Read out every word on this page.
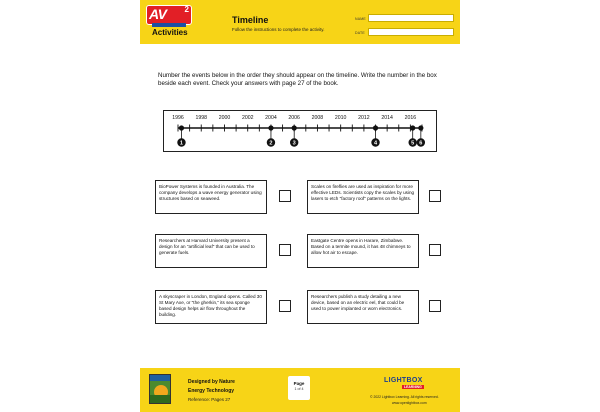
AV 2
Activities
Timeline
Follow the instructions to complete the activity.
NAME
DATE
Number the events below in the order they should appear on the timeline. Write the number in the box beside each event. Check your answers with page 27 of the book.
1996 1998 2000 2002 2004 2006 2008 2010 2012 2014 2016
1	2	3	4	5 6
BioPower Systems is founded in Australia. The company develops a wave energy generator using structures based on seaweed.
Scales on fireflies are used as inspiration for more effective LEDs. Scientists copy the scales by using lasers to etch "factory roof" patterns on the lights.
Researchers at Harvard University present a design for an "artificial leaf" that can be used to generate fuels.
Eastgate Centre opens in Harare, Zimbabwe. Based on a termite mound, it has 48 chimneys to allow hot air to escape.
A skyscraper in London, England opens. Called 30 St Mary Axe, or "the gherkin," its sea sponge based design helps air flow throughout the building.
Researchers publish a study detailing a new device, based on an electric eel, that could be used to power implanted or worn electronics.
Designed by Nature
Energy Technology
Reference: Pages 27
Page
1 of 4
LIGHTBOX
LEARNING
© 2022 Lightbox Learning. All rights reserved.
www.openlightbox.com
